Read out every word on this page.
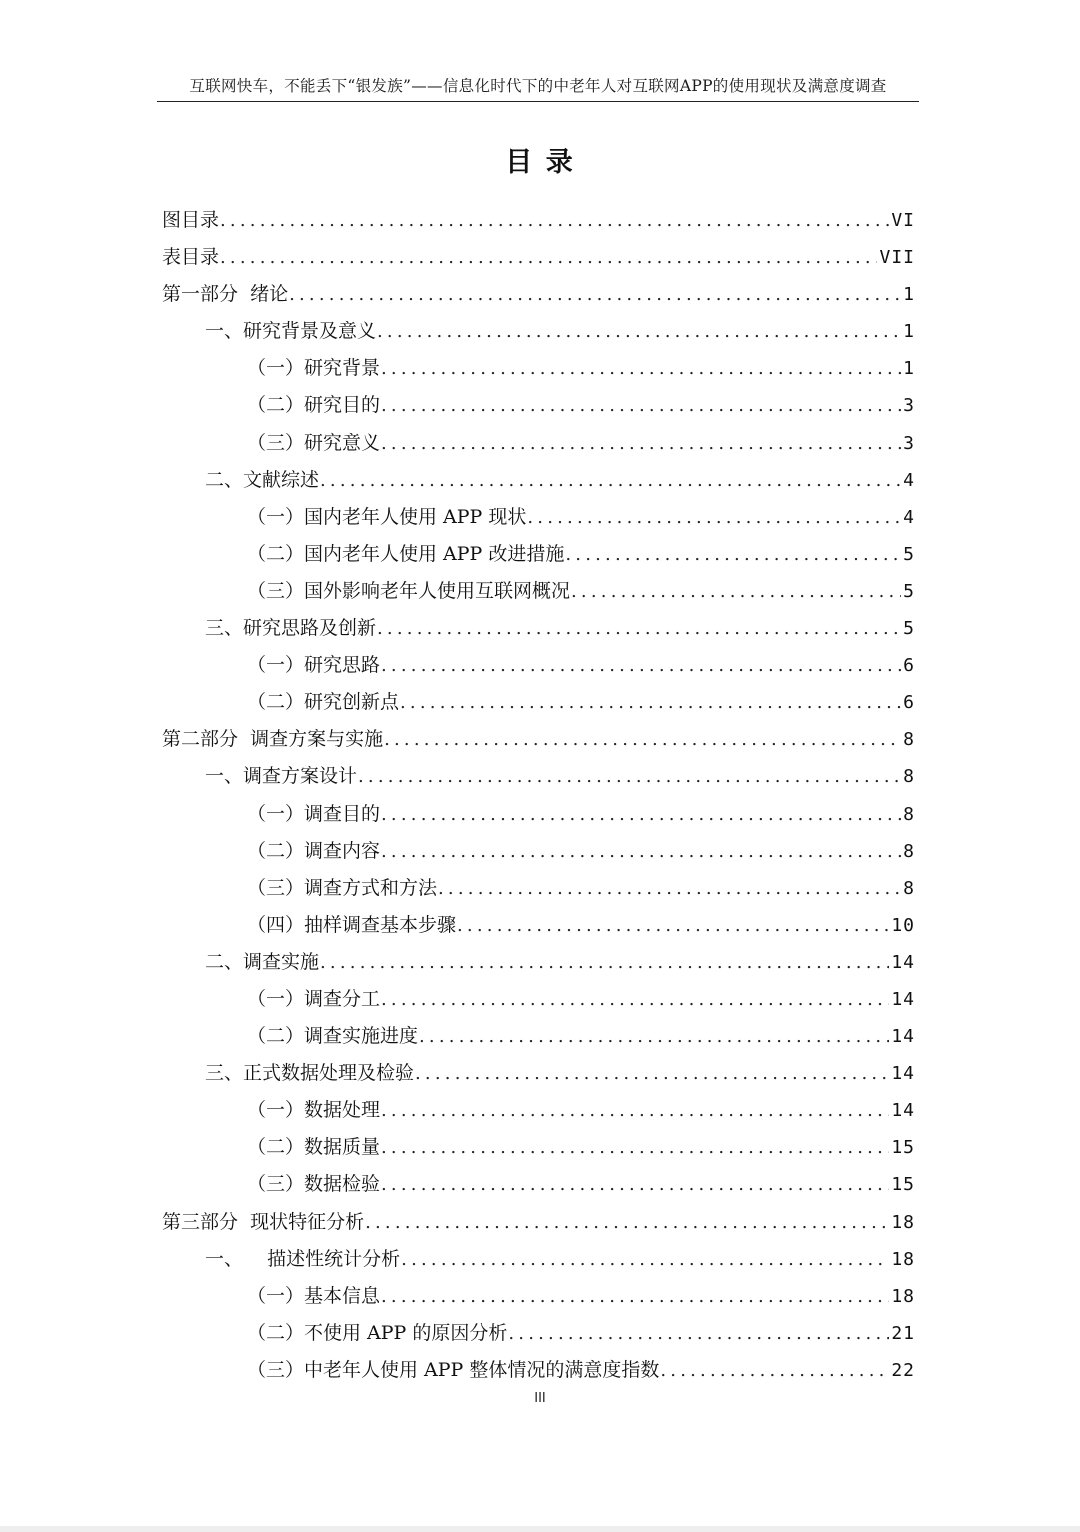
互联网快车，不能丢下“银发族”——信息化时代下的中老年人对互联网APP的使用现状及满意度调查
目 录
图目录 .....	VI
表目录 .....	VII
第一部分  绪论 .....	1
一、研究背景及意义 .....	1
（一）研究背景 .....	1
（二）研究目的 .....	3
（三）研究意义 .....	3
二、文献综述 .....	4
（一）国内老年人使用 APP 现状 .....	4
（二）国内老年人使用 APP 改进措施 .....	5
（三）国外影响老年人使用互联网概况 .....	5
三、研究思路及创新 .....	5
（一）研究思路 .....	6
（二）研究创新点 .....	6
第二部分  调查方案与实施 .....	8
一、调查方案设计 .....	8
（一）调查目的 .....	8
（二）调查内容 .....	8
（三）调查方式和方法 .....	8
（四）抽样调查基本步骤 .....	10
二、调查实施 .....	14
（一）调查分工 .....	14
（二）调查实施进度 .....	14
三、正式数据处理及检验 .....	14
（一）数据处理 .....	14
（二）数据质量 .....	15
（三）数据检验 .....	15
第三部分  现状特征分析 .....	18
一、    描述性统计分析 .....	18
（一）基本信息 .....	18
（二）不使用 APP 的原因分析 .....	21
（三）中老年人使用 APP 整体情况的满意度指数 .....	22
III
